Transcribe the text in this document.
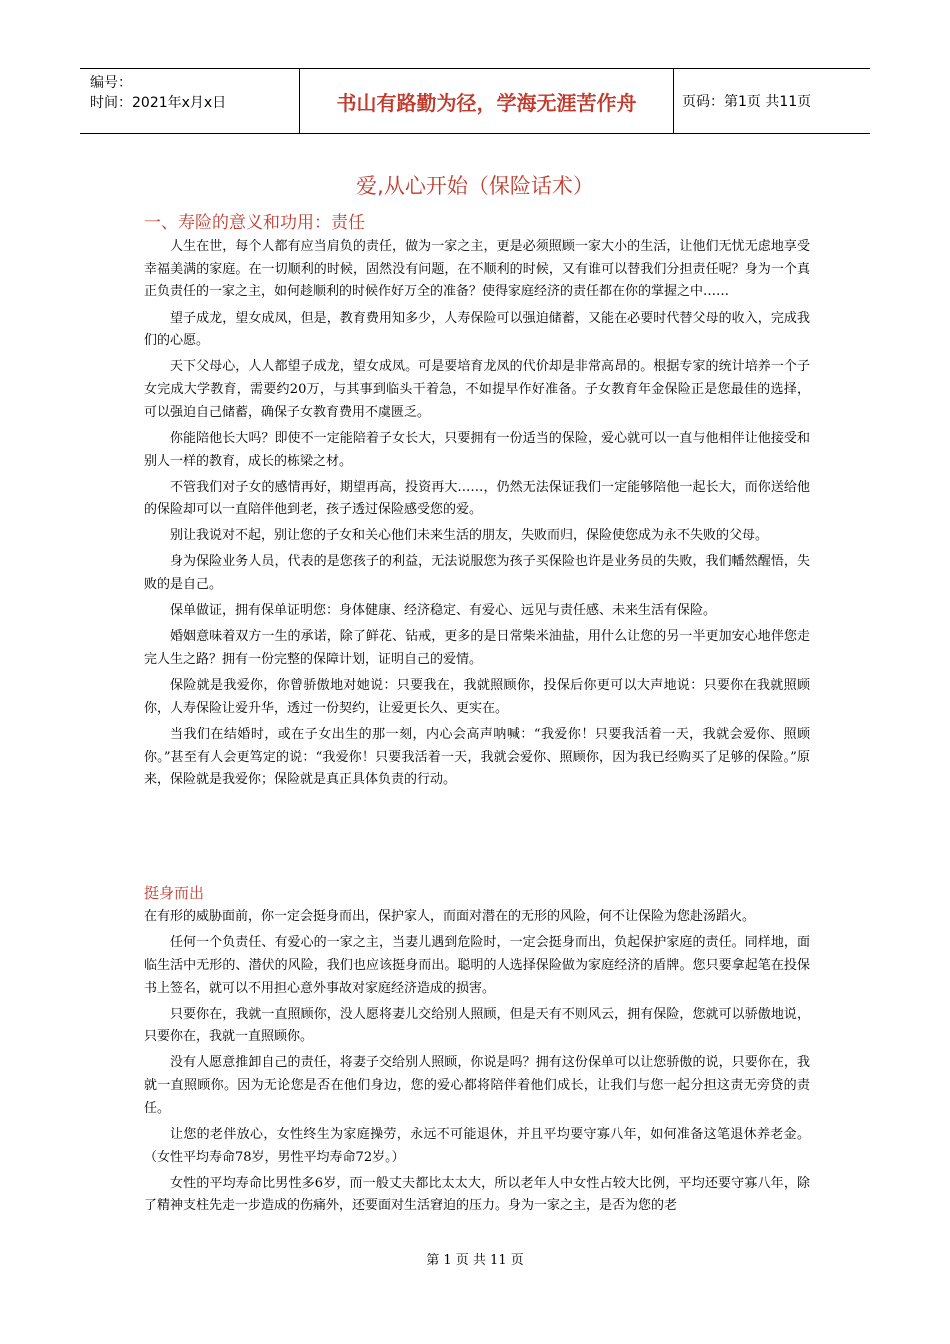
编号：
时间：2021年x月x日	书山有路勤为径，学海无涯苦作舟	页码：第1页 共11页
爱,从心开始（保险话术）
一、寿险的意义和功用：责任

人生在世，每个人都有应当肩负的责任，做为一家之主，更是必须照顾一家大小的生活，让他们无忧无虑地享受幸福美满的家庭。在一切顺利的时候，固然没有问题，在不顺利的时候，又有谁可以替我们分担责任呢？身为一个真正负责任的一家之主，如何趁顺利的时候作好万全的准备？使得家庭经济的责任都在你的掌握之中……

望子成龙，望女成凤，但是，教育费用知多少，人寿保险可以强迫储蓄，又能在必要时代替父母的收入，完成我们的心愿。

天下父母心，人人都望子成龙，望女成凤。可是要培育龙凤的代价却是非常高昂的。根据专家的统计培养一个子女完成大学教育，需要约20万，与其事到临头干着急，不如提早作好准备。子女教育年金保险正是您最佳的选择，可以强迫自己储蓄，确保子女教育费用不虞匮乏。

你能陪他长大吗？即使不一定能陪着子女长大，只要拥有一份适当的保险，爱心就可以一直与他相伴让他接受和别人一样的教育，成长的栋梁之材。

不管我们对子女的感情再好，期望再高，投资再大……，仍然无法保证我们一定能够陪他一起长大，而你送给他的保险却可以一直陪伴他到老，孩子透过保险感受您的爱。

别让我说对不起，别让您的子女和关心他们未来生活的朋友，失败而归，保险使您成为永不失败的父母。

身为保险业务人员，代表的是您孩子的利益，无法说服您为孩子买保险也许是业务员的失败，我们幡然醒悟，失败的是自己。

保单做证，拥有保单证明您：身体健康、经济稳定、有爱心、远见与责任感、未来生活有保险。

婚姻意味着双方一生的承诺，除了鲜花、钻戒，更多的是日常柴米油盐，用什么让您的另一半更加安心地伴您走完人生之路？拥有一份完整的保障计划，证明自己的爱情。

保险就是我爱你，你曾骄傲地对她说：只要我在，我就照顾你，投保后你更可以大声地说：只要你在我就照顾你，人寿保险让爱升华，透过一份契约，让爱更长久、更实在。

当我们在结婚时，或在子女出生的那一刻，内心会高声呐喊：“我爱你！只要我活着一天，我就会爱你、照顾你。”甚至有人会更笃定的说：“我爱你！只要我活着一天，我就会爱你、照顾你，因为我已经购买了足够的保险。”原来，保险就是我爱你；保险就是真正具体负责的行动。

挺身而出

在有形的威胁面前，你一定会挺身而出，保护家人，而面对潜在的无形的风险，何不让保险为您赴汤蹈火。

任何一个负责任、有爱心的一家之主，当妻儿遇到危险时，一定会挺身而出，负起保护家庭的责任。同样地，面临生活中无形的、潜伏的风险，我们也应该挺身而出。聪明的人选择保险做为家庭经济的盾牌。您只要拿起笔在投保书上签名，就可以不用担心意外事故对家庭经济造成的损害。

只要你在，我就一直照顾你，没人愿将妻儿交给别人照顾，但是天有不则风云，拥有保险，您就可以骄傲地说，只要你在，我就一直照顾你。

没有人愿意推卸自己的责任，将妻子交给别人照顾，你说是吗？拥有这份保单可以让您骄傲的说，只要你在，我就一直照顾你。因为无论您是否在他们身边，您的爱心都将陪伴着他们成长，让我们与您一起分担这责无旁贷的责任。

让您的老伴放心，女性终生为家庭操劳，永远不可能退休，并且平均要守寡八年，如何准备这笔退休养老金。（女性平均寿命78岁，男性平均寿命72岁。）

女性的平均寿命比男性多6岁，而一般丈夫都比太太大，所以老年人中女性占较大比例，平均还要守寡八年，除了精神支柱先走一步造成的伤痛外，还要面对生活窘迫的压力。身为一家之主，是否为您的老

第 1 页 共 11 页
